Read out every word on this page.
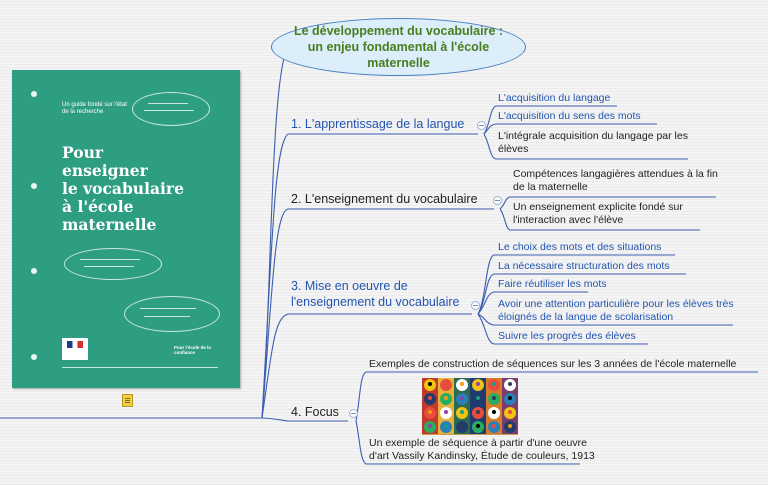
Un guide fondé sur l'état de la recherche
Pour
enseigner
le vocabulaire
à l'école
maternelle
Pour l'école de la confiance
Le développement du vocabulaire : un enjeu fondamental à l'école maternelle
1. L'apprentissage de la langue
L'acquisition du langage
L'acquisition du sens des mots
L'intégrale acquisition du langage par les élèves
2. L'enseignement du vocabulaire
Compétences langagières attendues à la fin de la maternelle
Un enseignement explicite fondé sur l'interaction avec l'élève
3. Mise en oeuvre de l'enseignement du vocabulaire
Le choix des mots et des situations
La nécessaire structuration des mots
Faire réutiliser les mots
Avoir une attention particulière pour les élèves très éloignés de la langue de scolarisation
Suivre les progrès des élèves
4. Focus
Exemples de construction de séquences sur les 3 années de l'école maternelle
Un exemple de séquence à partir d'une oeuvre d'art Vassily Kandinsky, Étude de couleurs, 1913
